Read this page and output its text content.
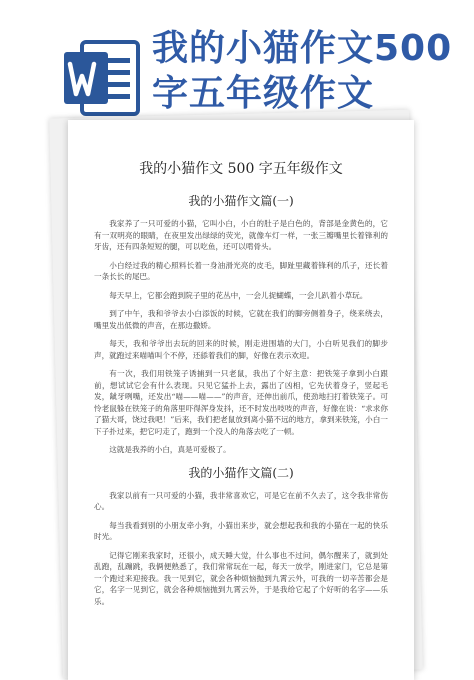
我的小猫作文500字五年级作文
我的小猫作文 500 字五年级作文
我的小猫作文篇(一)

我家养了一只可爱的小猫，它叫小白，小白的肚子是白色的，背部是金黄色的，它有一双明亮的眼睛，在夜里发出绿绿的荧光，就像车灯一样，一张三瓣嘴里长着锋利的牙齿，还有四条短短的腿，可以吃鱼，还可以啃骨头。

小白经过我的精心照料长着一身油滑光亮的皮毛，脚趾里藏着锋利的爪子，还长着一条长长的尾巴。

每天早上，它都会跑到院子里的花丛中，一会儿捉蝴蝶，一会儿趴着小草玩。

到了中午，我和爷爷去小白添饭的时候，它就在我们的脚旁侧着身子，绕来绕去，嘴里发出低微的声音，在那边撒娇。

每天，我和爷爷出去玩的回来的时候，刚走进围墙的大门，小白听见我们的脚步声，就跑过来喵喵叫个不停，还舔着我们的脚，好像在表示欢迎。

有一次，我们用铁笼子诱捕到一只老鼠，我出了个好主意：把铁笼子拿到小白跟前，想试试它会有什么表现。只见它猛扑上去，露出了凶相，它先伏着身子，竖起毛发，龇牙咧嘴，还发出“喵——喵——”的声音，还伸出前爪，使劲地扫打着铁笼子。可怜老鼠躲在铁笼子的角落里吓得浑身发抖，还不时发出吱吱的声音，好像在说：“求求你了猫大哥，饶过我吧！”后来，我们把老鼠放到离小猫不远的地方，拿到来铁笼，小白一下子扑过来，把它叼走了，跑到一个没人的角落去吃了一顿。

这就是我养的小白，真是可爱极了。

我的小猫作文篇(二)

我家以前有一只可爱的小猫，我非常喜欢它，可是它在前不久去了，这令我非常伤心。

每当我看到别的小朋友牵小狗，小猫出来步，就会想起我和我的小猫在一起的快乐时光。

记得它刚来我家时，还很小，成天睡大觉，什么事也不过问，偶尔醒来了，就到处乱跑，乱蹦跳，我俩便熟悉了，我们常常玩在一起，每天一放学，刚进家门，它总是第一个跑过来迎接我。我一见到它，就会各种烦恼抛到九霄云外，可我的一切辛苦都会是它，名字一见到它，就会各种烦恼抛到九霄云外，于是我给它起了个好听的名字——乐乐。
